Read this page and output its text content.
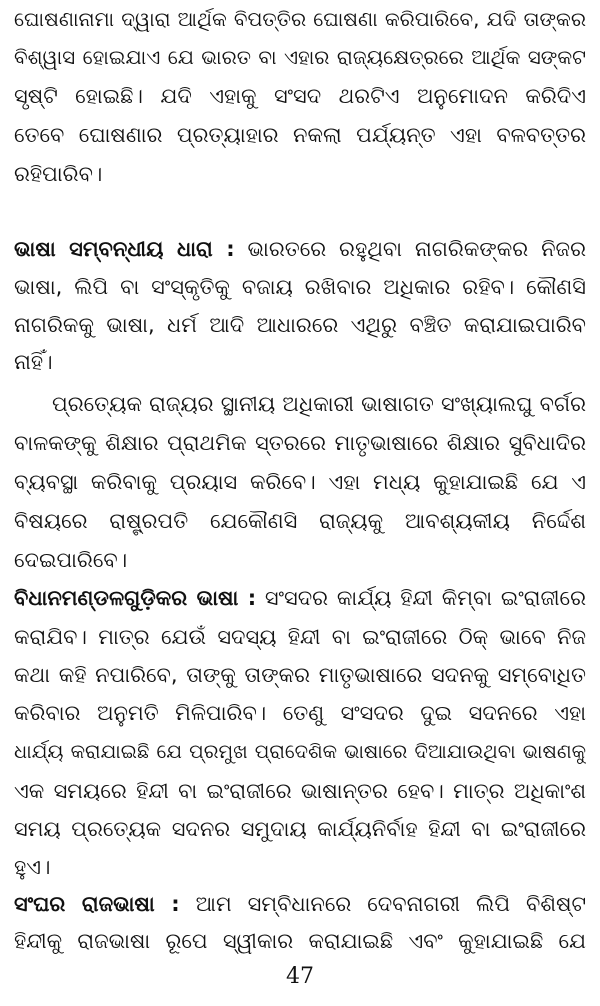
ଘୋଷଣାନାମା ଦ୍ୱାରା ଆର୍ଥିକ ବିପତ୍ତିର ଘୋଷଣା କରିପାରିବେ, ଯଦି ତାଙ୍କର
ବିଶ୍ୱାସ ହୋଇଯାଏ ଯେ ଭାରତ ବା ଏହାର ରାଜ୍ୟକ୍ଷେତ୍ରରେ ଆର୍ଥିକ ସଙ୍କଟ
ସୃଷ୍ଟି ହୋଇଛି। ଯଦି ଏହାକୁ ସଂସଦ ଥରଟିଏ ଅନୁମୋଦନ କରିଦିଏ
ତେବେ ଘୋଷଣାର ପ୍ରତ୍ୟାହାର ନକଲା ପର୍ଯ୍ୟନ୍ତ ଏହା ବଳବତ୍ତର
ରହିପାରିବ।
ଭାଷା ସମ୍ବନ୍ଧୀୟ ଧାରା : ଭାରତରେ ରହୁଥିବା ନାଗରିକଙ୍କର ନିଜର
ଭାଷା, ଲିପି ବା ସଂସ୍କୃତିକୁ ବଜାୟ ରଖିବାର ଅଧିକାର ରହିବ। କୌଣସି
ନାଗରିକକୁ ଭାଷା, ଧର୍ମ ଆଦି ଆଧାରରେ ଏଥିରୁ ବଞ୍ଚିତ କରାଯାଇପାରିବ
ନାହିଁ।
ପ୍ରତ୍ୟେକ ରାଜ୍ୟର ସ୍ଥାନୀୟ ଅଧିକାରୀ ଭାଷାଗତ ସଂଖ୍ୟାଲଘୁ ବର୍ଗର
ବାଳକଙ୍କୁ ଶିକ୍ଷାର ପ୍ରାଥମିକ ସ୍ତରରେ ମାତୃଭାଷାରେ ଶିକ୍ଷାର ସୁବିଧାଦିର
ବ୍ୟବସ୍ଥା କରିବାକୁ ପ୍ରୟାସ କରିବେ। ଏହା ମଧ୍ୟ କୁହାଯାଇଛି ଯେ ଏ
ବିଷୟରେ ରାଷ୍ଟ୍ରପତି ଯେକୌଣସି ରାଜ୍ୟକୁ ଆବଶ୍ୟକୀୟ ନିର୍ଦ୍ଦେଶ
ଦେଇପାରିବେ।
ବିଧାନମଣ୍ଡଳଗୁଡ଼ିକର ଭାଷା : ସଂସଦର କାର୍ଯ୍ୟ ହିନ୍ଦୀ କିମ୍ବା ଇଂରାଜୀରେ
କରାଯିବ। ମାତ୍ର ଯେଉଁ ସଦସ୍ୟ ହିନ୍ଦୀ ବା ଇଂରାଜୀରେ ଠିକ୍ ଭାବେ ନିଜ
କଥା କହି ନପାରିବେ, ତାଙ୍କୁ ତାଙ୍କର ମାତୃଭାଷାରେ ସଦନକୁ ସମ୍ବୋଧିତ
କରିବାର ଅନୁମତି ମିଳିପାରିବ। ତେଣୁ ସଂସଦର ଦୁଇ ସଦନରେ ଏହା
ଧାର୍ଯ୍ୟ କରାଯାଇଛି ଯେ ପ୍ରମୁଖ ପ୍ରାଦେଶିକ ଭାଷାରେ ଦିଆଯାଉଥିବା ଭାଷଣକୁ
ଏକ ସମୟରେ ହିନ୍ଦୀ ବା ଇଂରାଜୀରେ ଭାଷାନ୍ତର ହେବ। ମାତ୍ର ଅଧିକାଂଶ
ସମୟ ପ୍ରତ୍ୟେକ ସଦନର ସମୁଦାୟ କାର୍ଯ୍ୟନିର୍ବାହ ହିନ୍ଦୀ ବା ଇଂରାଜୀରେ
ହୁଏ।
ସଂଘର ରାଜଭାଷା : ଆମ ସମ୍ବିଧାନରେ ଦେବନାଗରୀ ଲିପି ବିଶିଷ୍ଟ
ହିନ୍ଦୀକୁ ରାଜଭାଷା ରୂପେ ସ୍ୱୀକାର କରାଯାଇଛି ଏବଂ କୁହାଯାଇଛି ଯେ
47
